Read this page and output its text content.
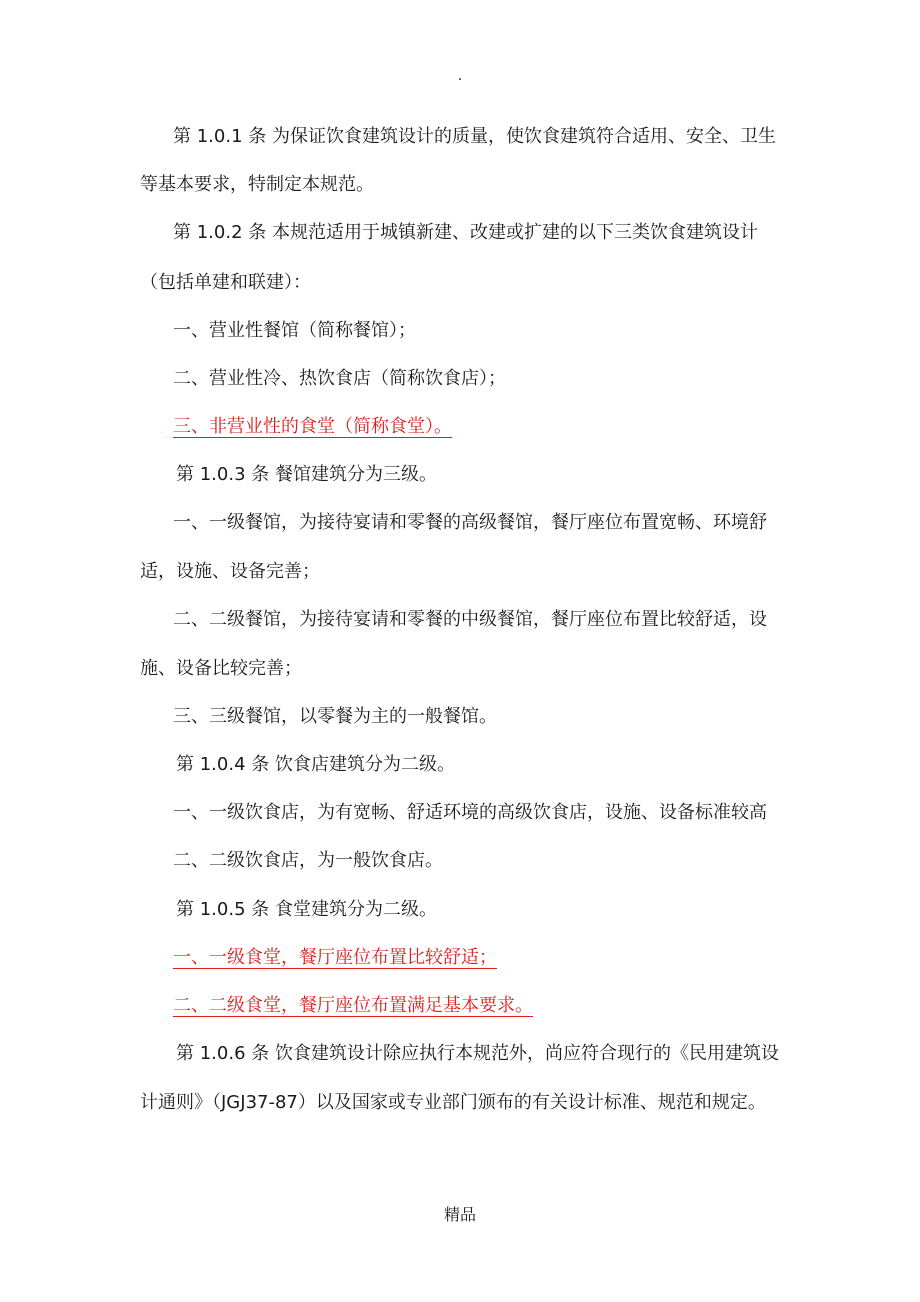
.
第 1.0.1 条 为保证饮食建筑设计的质量，使饮食建筑符合适用、安全、卫生
等基本要求，特制定本规范。
第 1.0.2 条 本规范适用于城镇新建、改建或扩建的以下三类饮食建筑设计
（包括单建和联建）：
一、营业性餐馆（简称餐馆）；
二、营业性冷、热饮食店（简称饮食店）；
三、非营业性的食堂（简称食堂）。
第 1.0.3 条 餐馆建筑分为三级。
一、一级餐馆，为接待宴请和零餐的高级餐馆，餐厅座位布置宽畅、环境舒
适，设施、设备完善；
二、二级餐馆，为接待宴请和零餐的中级餐馆，餐厅座位布置比较舒适，设
施、设备比较完善；
三、三级餐馆，以零餐为主的一般餐馆。
第 1.0.4 条 饮食店建筑分为二级。
一、一级饮食店，为有宽畅、舒适环境的高级饮食店，设施、设备标准较高
二、二级饮食店，为一般饮食店。
第 1.0.5 条 食堂建筑分为二级。
一、一级食堂，餐厅座位布置比较舒适；
二、二级食堂，餐厅座位布置满足基本要求。
第 1.0.6 条 饮食建筑设计除应执行本规范外，尚应符合现行的《民用建筑设
计通则》（JGJ37-87）以及国家或专业部门颁布的有关设计标准、规范和规定。
精品
